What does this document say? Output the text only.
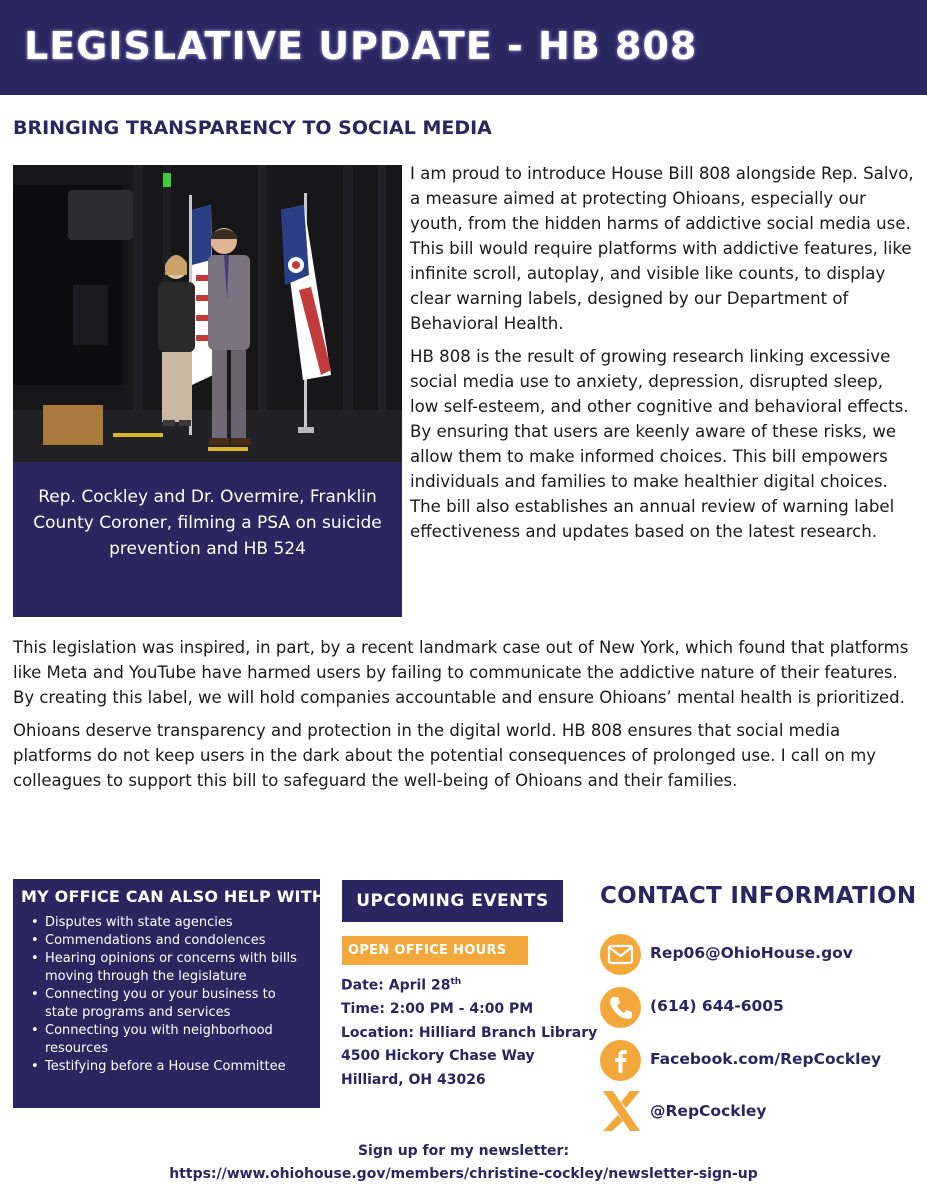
LEGISLATIVE UPDATE - HB 808
BRINGING TRANSPARENCY TO SOCIAL MEDIA
Rep. Cockley and Dr. Overmire, Franklin County Coroner, filming a PSA on suicide prevention and HB 524

I am proud to introduce House Bill 808 alongside Rep. Salvo, a measure aimed at protecting Ohioans, especially our youth, from the hidden harms of addictive social media use. This bill would require platforms with addictive features, like infinite scroll, autoplay, and visible like counts, to display clear warning labels, designed by our Department of Behavioral Health.

HB 808 is the result of growing research linking excessive social media use to anxiety, depression, disrupted sleep, low self-esteem, and other cognitive and behavioral effects. By ensuring that users are keenly aware of these risks, we allow them to make informed choices. This bill empowers individuals and families to make healthier digital choices. The bill also establishes an annual review of warning label effectiveness and updates based on the latest research.

This legislation was inspired, in part, by a recent landmark case out of New York, which found that platforms like Meta and YouTube have harmed users by failing to communicate the addictive nature of their features. By creating this label, we will hold companies accountable and ensure Ohioans’ mental health is prioritized.

Ohioans deserve transparency and protection in the digital world. HB 808 ensures that social media platforms do not keep users in the dark about the potential consequences of prolonged use. I call on my colleagues to support this bill to safeguard the well-being of Ohioans and their families.

MY OFFICE CAN ALSO HELP WITH:
• Disputes with state agencies
• Commendations and condolences
• Hearing opinions or concerns with bills moving through the legislature
• Connecting you or your business to state programs and services
• Connecting you with neighborhood resources
• Testifying before a House Committee
UPCOMING EVENTS
OPEN OFFICE HOURS
Date: April 28th
Time: 2:00 PM - 4:00 PM
Location: Hilliard Branch Library
4500 Hickory Chase Way
Hilliard, OH 43026
CONTACT INFORMATION
Rep06@OhioHouse.gov
(614) 644-6005
Facebook.com/RepCockley
@RepCockley
Sign up for my newsletter:
https://www.ohiohouse.gov/members/christine-cockley/newsletter-sign-up
